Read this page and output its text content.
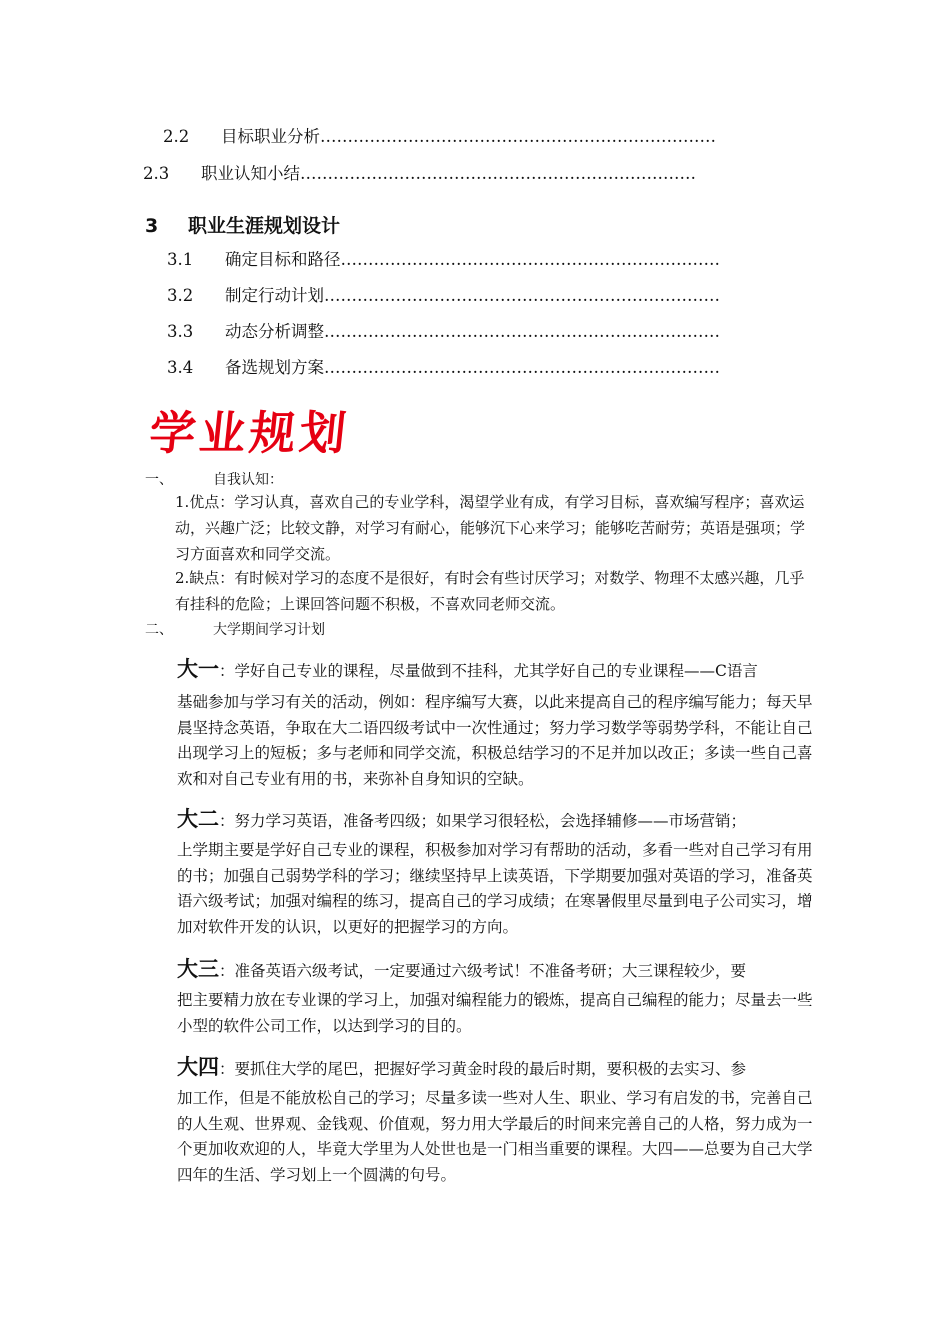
2.2 目标职业分析………………………………………………………………
2.3 职业认知小结………………………………………………………………
3 职业生涯规划设计
3.1 确定目标和路径……………………………………………………………
3.2 制定行动计划………………………………………………………………
3.3 动态分析调整………………………………………………………………
3.4 备选规划方案………………………………………………………………
学业规划
一、	自我认知：
1.优点：学习认真，喜欢自己的专业学科，渴望学业有成，有学习目标，喜欢编写程序；喜欢运动，兴趣广泛；比较文静，对学习有耐心，能够沉下心来学习；能够吃苦耐劳；英语是强项；学习方面喜欢和同学交流。
2.缺点：有时候对学习的态度不是很好，有时会有些讨厌学习；对数学、物理不太感兴趣，几乎有挂科的危险；上课回答问题不积极，不喜欢同老师交流。
二、	大学期间学习计划
大一：学好自己专业的课程，尽量做到不挂科，尤其学好自己的专业课程——C语言
基础参加与学习有关的活动，例如：程序编写大赛，以此来提高自己的程序编写能力；每天早晨坚持念英语，争取在大二语四级考试中一次性通过；努力学习数学等弱势学科，不能让自己出现学习上的短板；多与老师和同学交流，积极总结学习的不足并加以改正；多读一些自己喜欢和对自己专业有用的书，来弥补自身知识的空缺。
大二：努力学习英语，准备考四级；如果学习很轻松，会选择辅修——市场营销；
上学期主要是学好自己专业的课程，积极参加对学习有帮助的活动，多看一些对自己学习有用的书；加强自己弱势学科的学习；继续坚持早上读英语，下学期要加强对英语的学习，准备英语六级考试；加强对编程的练习，提高自己的学习成绩；在寒暑假里尽量到电子公司实习，增加对软件开发的认识，以更好的把握学习的方向。
大三：准备英语六级考试，一定要通过六级考试！不准备考研；大三课程较少，要
把主要精力放在专业课的学习上，加强对编程能力的锻炼，提高自己编程的能力；尽量去一些小型的软件公司工作，以达到学习的目的。
大四：要抓住大学的尾巴，把握好学习黄金时段的最后时期，要积极的去实习、参
加工作，但是不能放松自己的学习；尽量多读一些对人生、职业、学习有启发的书，完善自己的人生观、世界观、金钱观、价值观，努力用大学最后的时间来完善自己的人格，努力成为一个更加收欢迎的人，毕竟大学里为人处世也是一门相当重要的课程。大四——总要为自己大学四年的生活、学习划上一个圆满的句号。
